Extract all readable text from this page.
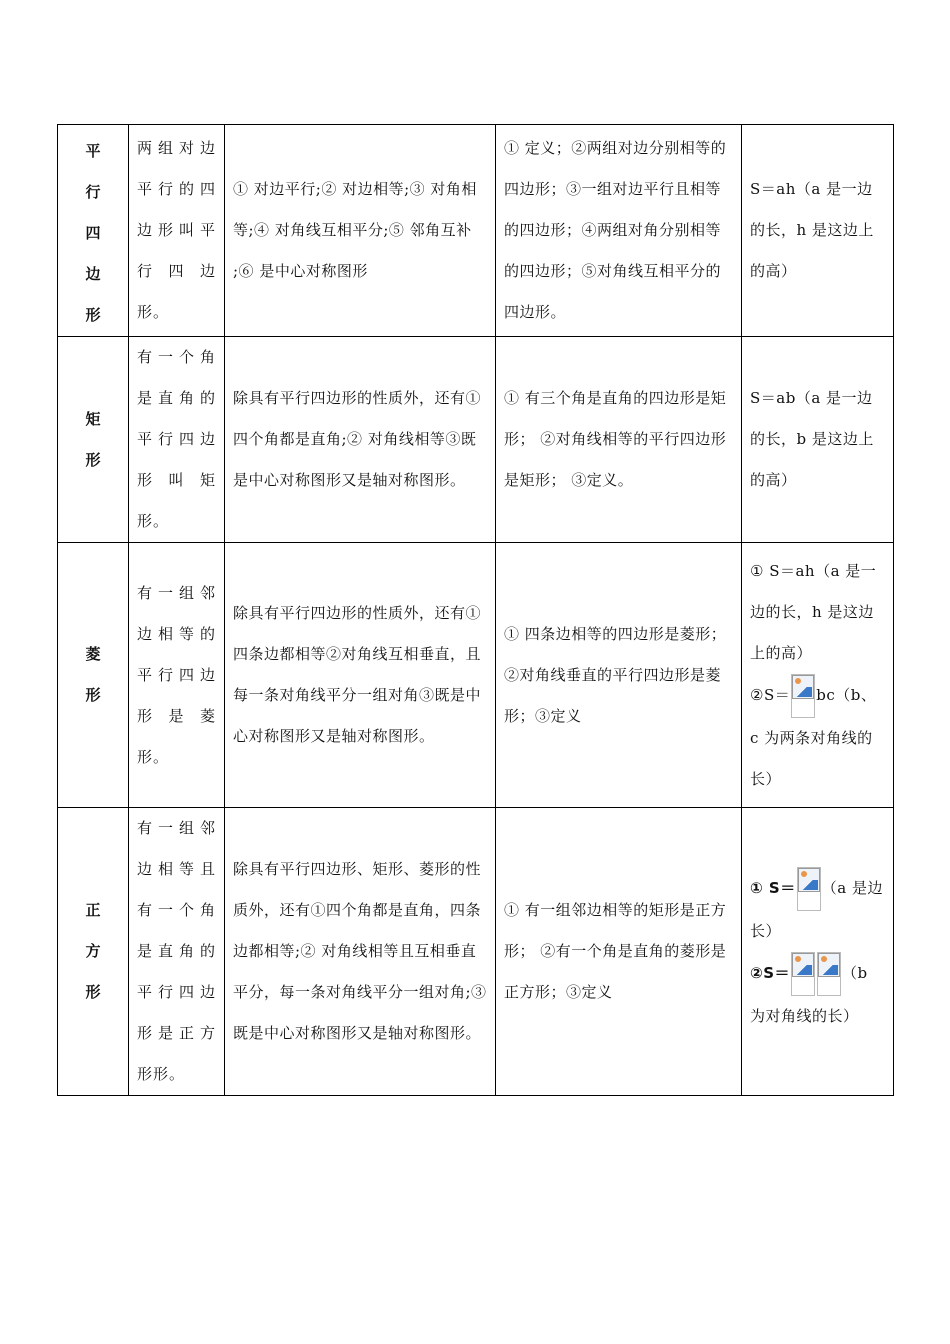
平行四边形	两组对边平行的四边形叫平行四边形。	① 对边平行;② 对边相等;③ 对角相等;④ 对角线互相平分;⑤ 邻角互补 ;⑥ 是中心对称图形	① 定义；②两组对边分别相等的四边形；③一组对边平行且相等的四边形；④两组对角分别相等的四边形；⑤对角线互相平分的四边形。	S＝ah（a 是一边的长，h 是这边上的高）

矩形	有一个角是直角的平行四边形叫矩形。	除具有平行四边形的性质外，还有①四个角都是直角;② 对角线相等③既是中心对称图形又是轴对称图形。	① 有三个角是直角的四边形是矩形； ②对角线相等的平行四边形是矩形； ③定义。	S＝ab（a 是一边的长，b 是这边上的高）

菱形	有一组邻边相等的平行四边形是菱形。	除具有平行四边形的性质外，还有①四条边都相等②对角线互相垂直，且每一条对角线平分一组对角③既是中心对称图形又是轴对称图形。	① 四条边相等的四边形是菱形；　　 ②对角线垂直的平行四边形是菱形；③定义	① S＝ah（a 是一边的长，h 是这边上的高）
②S＝ bc（b、c 为两条对角线的长）

正方形	有一组邻边相等且有一个角是直角的平行四边形是正方形形。	除具有平行四边形、矩形、菱形的性质外，还有①四个角都是直角，四条边都相等;② 对角线相等且互相垂直平分，每一条对角线平分一组对角;③ 既是中心对称图形又是轴对称图形。	① 有一组邻边相等的矩形是正方形； ②有一个角是直角的菱形是正方形；③定义	① S＝ （a 是边长）
②S＝ （b 为对角线的长）
